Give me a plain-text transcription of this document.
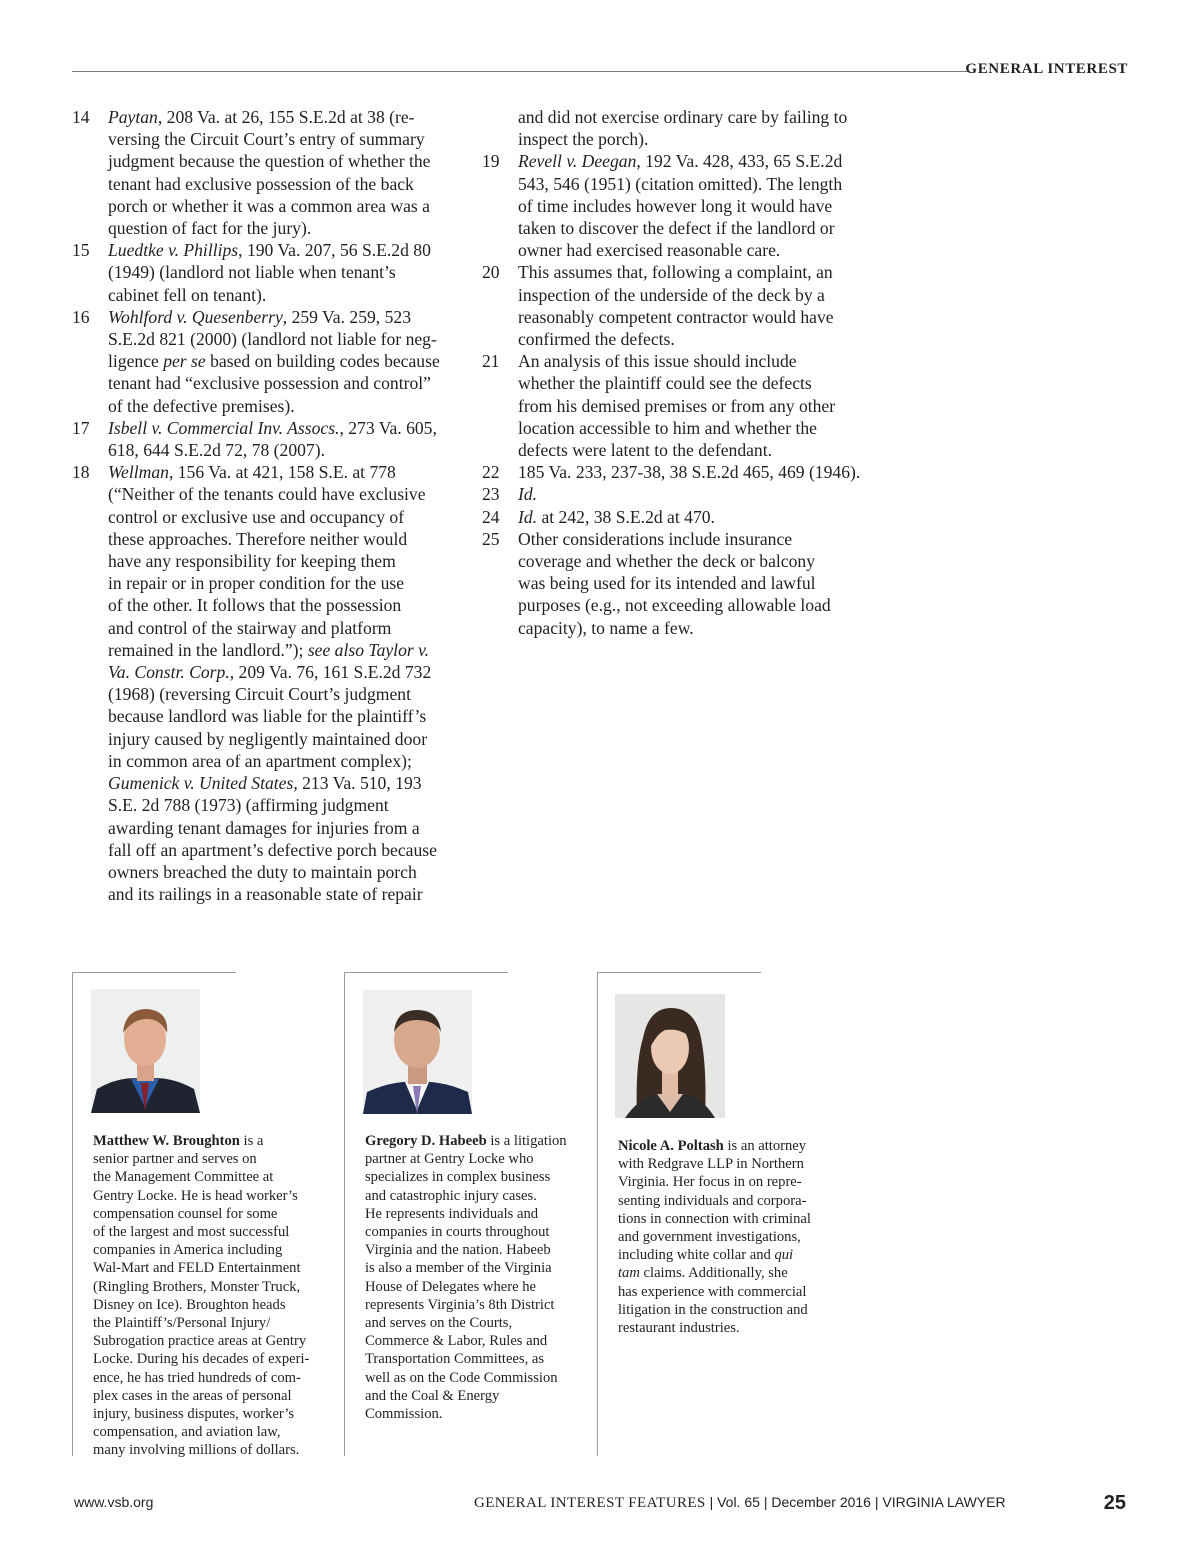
GENERAL INTEREST
14	Paytan, 208 Va. at 26, 155 S.E.2d at 38 (re-
versing the Circuit Court’s entry of summary
judgment because the question of whether the
tenant had exclusive possession of the back
porch or whether it was a common area was a
question of fact for the jury).
15	Luedtke v. Phillips, 190 Va. 207, 56 S.E.2d 80
(1949) (landlord not liable when tenant’s
cabinet fell on tenant).
16	Wohlford v. Quesenberry, 259 Va. 259, 523
S.E.2d 821 (2000) (landlord not liable for neg-
ligence per se based on building codes because
tenant had “exclusive possession and control”
of the defective premises).
17	Isbell v. Commercial Inv. Assocs., 273 Va. 605,
618, 644 S.E.2d 72, 78 (2007).
18	Wellman, 156 Va. at 421, 158 S.E. at 778
(“Neither of the tenants could have exclusive
control or exclusive use and occupancy of
these approaches. Therefore neither would
have any responsibility for keeping them
in repair or in proper condition for the use
of the other. It follows that the possession
and control of the stairway and platform
remained in the landlord.”); see also Taylor v.
Va. Constr. Corp., 209 Va. 76, 161 S.E.2d 732
(1968) (reversing Circuit Court’s judgment
because landlord was liable for the plaintiff’s
injury caused by negligently maintained door
in common area of an apartment complex);
Gumenick v. United States, 213 Va. 510, 193
S.E. 2d 788 (1973) (affirming judgment
awarding tenant damages for injuries from a
fall off an apartment’s defective porch because
owners breached the duty to maintain porch
and its railings in a reasonable state of repair
and did not exercise ordinary care by failing to
inspect the porch).
19	Revell v. Deegan, 192 Va. 428, 433, 65 S.E.2d
543, 546 (1951) (citation omitted). The length
of time includes however long it would have
taken to discover the defect if the landlord or
owner had exercised reasonable care.
20	This assumes that, following a complaint, an
inspection of the underside of the deck by a
reasonably competent contractor would have
confirmed the defects.
21	An analysis of this issue should include
whether the plaintiff could see the defects
from his demised premises or from any other
location accessible to him and whether the
defects were latent to the defendant.
22	185 Va. 233, 237-38, 38 S.E.2d 465, 469 (1946).
23	Id.
24	Id. at 242, 38 S.E.2d at 470.
25	Other considerations include insurance
coverage and whether the deck or balcony
was being used for its intended and lawful
purposes (e.g., not exceeding allowable load
capacity), to name a few.
Matthew W. Broughton is a
senior partner and serves on
the Management Committee at
Gentry Locke. He is head worker’s
compensation counsel for some
of the largest and most successful
companies in America including
Wal-Mart and FELD Entertainment
(Ringling Brothers, Monster Truck,
Disney on Ice). Broughton heads
the Plaintiff’s/Personal Injury/
Subrogation practice areas at Gentry
Locke. During his decades of experi-
ence, he has tried hundreds of com-
plex cases in the areas of personal
injury, business disputes, worker’s
compensation, and aviation law,
many involving millions of dollars.
Gregory D. Habeeb is a litigation
partner at Gentry Locke who
specializes in complex business
and catastrophic injury cases.
He represents individuals and
companies in courts throughout
Virginia and the nation. Habeeb
is also a member of the Virginia
House of Delegates where he
represents Virginia’s 8th District
and serves on the Courts,
Commerce & Labor, Rules and
Transportation Committees, as
well as on the Code Commission
and the Coal & Energy
Commission.
Nicole A. Poltash is an attorney
with Redgrave LLP in Northern
Virginia. Her focus in on repre-
senting individuals and corpora-
tions in connection with criminal
and government investigations,
including white collar and qui
tam claims. Additionally, she
has experience with commercial
litigation in the construction and
restaurant industries.
www.vsb.org	GENERAL INTEREST FEATURES | Vol. 65 | December 2016 | VIRGINIA LAWYER	25
